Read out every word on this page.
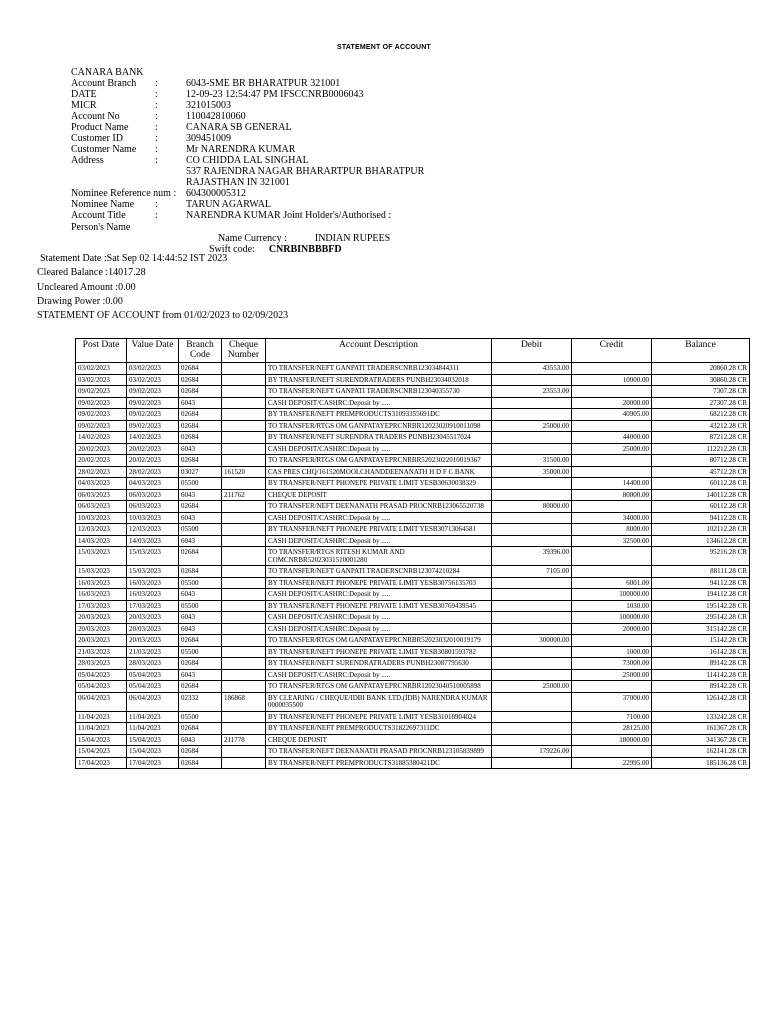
STATEMENT OF ACCOUNT
CANARA BANK
Account Branch	:	6043-SME BR BHARATPUR 321001
DATE	:	12-09-23 12:54:47 PM IFSCCNRB0006043
MICR	:	321015003
Account No	:	110042810060
Product Name	:	CANARA SB GENERAL
Customer ID	:	309451009
Customer Name	:	Mr NARENDRA KUMAR
Address	:	CO CHIDDA LAL SINGHAL
537 RAJENDRA NAGAR BHARARTPUR BHARATPUR
RAJASTHAN IN 321001
Nominee Reference num : 604300005312
Nominee Name	:	TARUN AGARWAL
Account Title	:	NARENDRA KUMAR Joint Holder's/Authorised :
Person's Name
Name Currency :	INDIAN RUPEES
Swift code: CNRBINBBBFD
Statement Date :Sat Sep 02 14:44:52 IST 2023
Cleared Balance :14017.28
Uncleared Amount :0.00
Drawing Power :0.00
STATEMENT OF ACCOUNT from 01/02/2023 to 02/09/2023
Post Date	Value Date	Branch Code	Cheque Number	Account Description	Debit	Credit	Balance
03/02/2023	03/02/2023	02684		TO TRANSFER/NEFT GANPATI TRADERSCNRB123034844311	43553.00		20860.28 CR
03/02/2023	03/02/2023	02684		BY TRANSFER/NEFT SURENDRATRADERS PUNBH23034032018		10000.00	30860.28 CR
09/02/2023	09/02/2023	02684		TO TRANSFER/NEFT GANPATI TRADERSCNRB123040355730	23553.00		7307.28 CR
09/02/2023	09/02/2023	6043		CASH DEPOSIT/CASHRC:Deposit by .....		20000.00	27307.28 CR
09/02/2023	09/02/2023	02684		BY TRANSFER/NEFT PREMPRODUCTS31093355691DC		40905.00	68212.28 CR
09/02/2023	09/02/2023	02684		TO TRANSFER/RTGS OM GANPATAYEPRCNRBR12023020910011098	25000.00		43212.28 CR
14/02/2023	14/02/2023	02684		BY TRANSFER/NEFT SURENDRA TRADERS PUNBH23045517024		44000.00	87212.28 CR
20/02/2023	20/02/2023	6043		CASH DEPOSIT/CASHRC:Deposit by .....		25000.00	112212.28 CR
20/02/2023	20/02/2023	02684		TO TRANSFER/RTGS OM GANPATAYEPRCNRBR52023022010019367	31500.00		80712.28 CR
28/02/2023	28/02/2023	03027	161520	CAS PRES CHQ/161520MOOLCHANDDEENANATH H D F C BANK	35000.00		45712.28 CR
04/03/2023	04/03/2023	05500		BY TRANSFER/NEFT PHONEPE PRIVATE LIMIT YESB30630038329		14400.00	60112.28 CR
06/03/2023	06/03/2023	6043	211762	CHEQUE DEPOSIT		80000.00	140112.28 CR
06/03/2023	06/03/2023	02684		TO TRANSFER/NEFT DEENANATH PRASAD PROCNRB123065520738	80000.00		60112.28 CR
10/03/2023	10/03/2023	6043		CASH DEPOSIT/CASHRC:Deposit by .....		34000.00	94112.28 CR
12/03/2023	12/03/2023	05500		BY TRANSFER/NEFT PHONEPE PRIVATE LIMIT YESB30713064581		8000.00	102112.28 CR
14/03/2023	14/03/2023	6043		CASH DEPOSIT/CASHRC:Deposit by .....		32500.00	134612.28 CR
15/03/2023	15/03/2023	02684		TO TRANSFER/RTGS RITESH KUMAR AND COMCNRBR52023031510001280	39396.00		95216.28 CR
15/03/2023	15/03/2023	02684		TO TRANSFER/NEFT GANPATI TRADERSCNRB123074210284	7105.00		88111.28 CR
16/03/2023	16/03/2023	05500		BY TRANSFER/NEFT PHONEPE PRIVATE LIMIT YESB30756135703		6001.00	94112.28 CR
16/03/2023	16/03/2023	6043		CASH DEPOSIT/CASHRC:Deposit by .....		100000.00	194112.28 CR
17/03/2023	17/03/2023	05500		BY TRANSFER/NEFT PHONEPE PRIVATE LIMIT YESB30769439545		1030.00	195142.28 CR
20/03/2023	20/03/2023	6043		CASH DEPOSIT/CASHRC:Deposit by .....		100000.00	295142.28 CR
20/03/2023	20/03/2023	6043		CASH DEPOSIT/CASHRC:Deposit by .....		20000.00	315142.28 CR
20/03/2023	20/03/2023	02684		TO TRANSFER/RTGS OM GANPATAYEPRCNRBR52023032010019179	300000.00		15142.28 CR
21/03/2023	21/03/2023	05500		BY TRANSFER/NEFT PHONEPE PRIVATE LIMIT YESB30801593782		1000.00	16142.28 CR
28/03/2023	28/03/2023	02684		BY TRANSFER/NEFT SURENDRATRADERS PUNBH23087795630		73000.00	89142.28 CR
05/04/2023	05/04/2023	6043		CASH DEPOSIT/CASHRC:Deposit by .....		25000.00	114142.28 CR
05/04/2023	05/04/2023	02684		TO TRANSFER/RTGS OM GANPATAYEPRCNRBR12023040510005898	25000.00		89142.28 CR
06/04/2023	06/04/2023	02332	186868	BY CLEARING / CHEQUE/IDBI BANK LTD.(IDB) NARENDRA KUMAR 0000035500		37000.00	126142.28 CR
11/04/2023	11/04/2023	05500		BY TRANSFER/NEFT PHONEPE PRIVATE LIMIT YESB31018904024		7100.00	133242.28 CR
11/04/2023	11/04/2023	02684		BY TRANSFER/NEFT PREMPRODUCTS31822697311DC		28125.00	161367.28 CR
15/04/2023	15/04/2023	6043	211778	CHEQUE DEPOSIT		180000.00	341367.28 CR
15/04/2023	15/04/2023	02684		TO TRANSFER/NEFT DEENANATH PRASAD PROCNRB123105839899	179226.00		162141.28 CR
17/04/2023	17/04/2023	02684		BY TRANSFER/NEFT PREMPRODUCTS31885380421DC		22995.00	185136.28 CR
